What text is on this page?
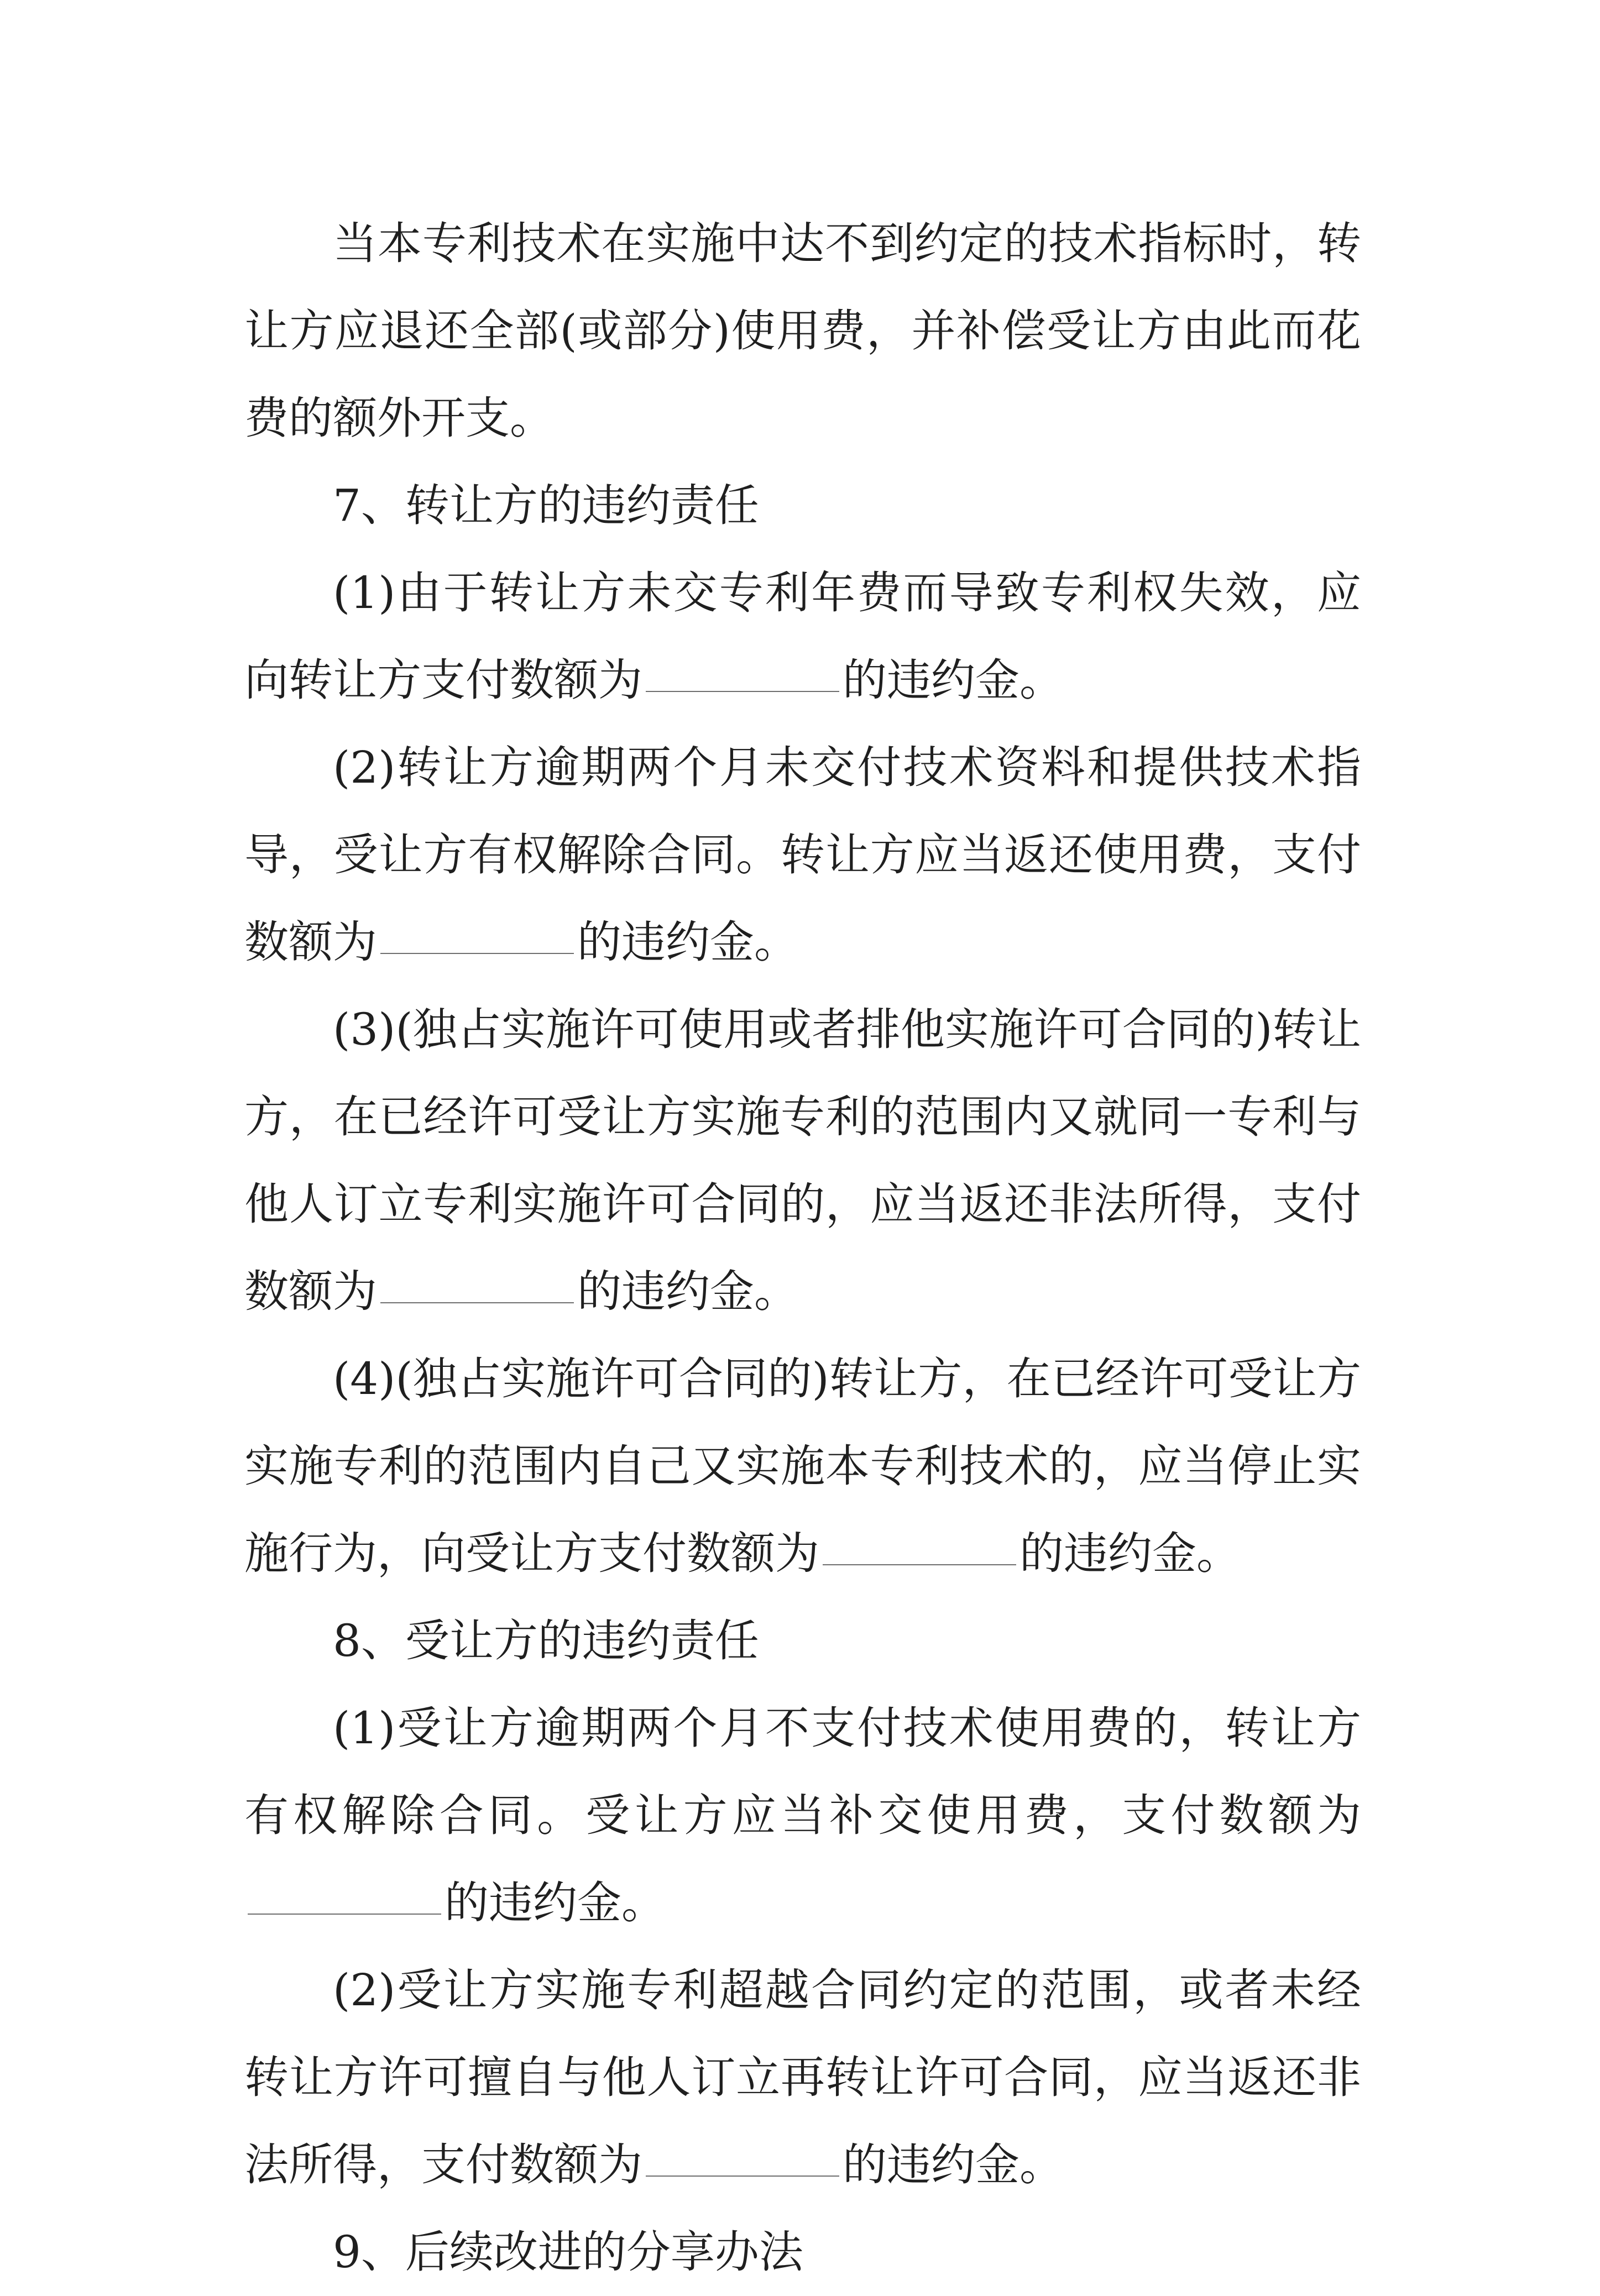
当本专利技术在实施中达不到约定的技术指标时，转让方应退还全部(或部分)使用费，并补偿受让方由此而花费的额外开支。

7、转让方的违约责任

(1)由于转让方未交专利年费而导致专利权失效，应向转让方支付数额为	的违约金。

(2)转让方逾期两个月未交付技术资料和提供技术指导，受让方有权解除合同。转让方应当返还使用费，支付数额为	的违约金。

(3)(独占实施许可使用或者排他实施许可合同的)转让方，在已经许可受让方实施专利的范围内又就同一专利与他人订立专利实施许可合同的，应当返还非法所得，支付数额为	的违约金。

(4)(独占实施许可合同的)转让方，在已经许可受让方实施专利的范围内自己又实施本专利技术的，应当停止实施行为，向受让方支付数额为	的违约金。

8、受让方的违约责任

(1)受让方逾期两个月不支付技术使用费的，转让方有权解除合同。受让方应当补交使用费，支付数额为的违约金。

(2)受让方实施专利超越合同约定的范围，或者未经转让方许可擅自与他人订立再转让许可合同，应当返还非法所得，支付数额为	的违约金。

9、后续改进的分享办法
